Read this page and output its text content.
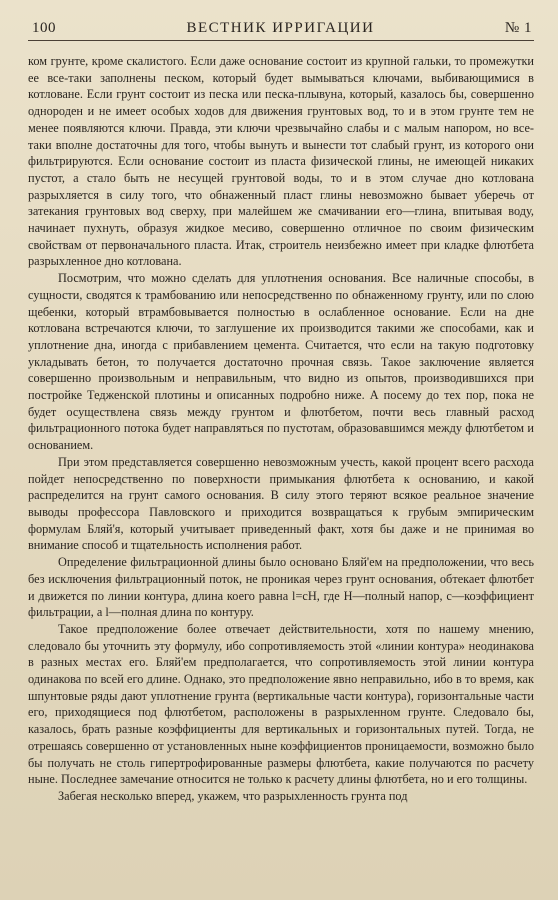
100	ВЕСТНИК ИРРИГАЦИИ	№ 1

ком грунте, кроме скалистого. Если даже основание состоит из крупной гальки, то промежутки ее все-таки заполнены песком, который будет вымываться ключами, выбивающимися в котловане. Если грунт состоит из песка или песка-плывуна, который, казалось бы, совершенно однороден и не имеет особых ходов для движения грунтовых вод, то и в этом грунте тем не менее появляются ключи. Правда, эти ключи чрезвычайно слабы и с малым напором, но все-таки вполне достаточны для того, чтобы вынуть и вынести тот слабый грунт, из которого они фильтрируются. Если основание состоит из пласта физической глины, не имеющей никаких пустот, а стало быть не несущей грунтовой воды, то и в этом случае дно котлована разрыхляется в силу того, что обнаженный пласт глины невозможно бывает уберечь от затекания грунтовых вод сверху, при малейшем же смачивании его—глина, впитывая воду, начинает пухнуть, образуя жидкое месиво, совершенно отличное по своим физическим свойствам от первоначального пласта. Итак, строитель неизбежно имеет при кладке флютбета разрыхленное дно котлована.

Посмотрим, что можно сделать для уплотнения основания. Все наличные способы, в сущности, сводятся к трамбованию или непосредственно по обнаженному грунту, или по слою щебенки, который втрамбовывается полностью в ослабленное основание. Если на дне котлована встречаются ключи, то заглушение их производится такими же способами, как и уплотнение дна, иногда с прибавлением цемента. Считается, что если на такую подготовку укладывать бетон, то получается достаточно прочная связь. Такое заключение является совершенно произвольным и неправильным, что видно из опытов, производившихся при постройке Тедженской плотины и описанных подробно ниже. А посему до тех пор, пока не будет осуществлена связь между грунтом и флютбетом, почти весь главный расход фильтрационного потока будет направляться по пустотам, образовавшимся между флютбетом и основанием.

При этом представляется совершенно невозможным учесть, какой процент всего расхода пойдет непосредственно по поверхности примыкания флютбета к основанию, и какой распределится на грунт самого основания. В силу этого теряют всякое реальное значение выводы профессора Павловского и приходится возвращаться к грубым эмпирическим формулам Бляй'я, который учитывает приведенный факт, хотя бы даже и не принимая во внимание способ и тщательность исполнения работ.

Определение фильтрационной длины было основано Бляй'ем на предположении, что весь без исключения фильтрационный поток, не проникая через грунт основания, обтекает флютбет и движется по линии контура, длина коего равна l=cH, где H—полный напор, c—коэффициент фильтрации, а l—полная длина по контуру.

Такое предположение более отвечает действительности, хотя по нашему мнению, следовало бы уточнить эту формулу, ибо сопротивляемость этой «линии контура» неодинакова в разных местах его. Бляй'ем предполагается, что сопротивляемость этой линии контура одинакова по всей его длине. Однако, это предположение явно неправильно, ибо в то время, как шпунтовые ряды дают уплотнение грунта (вертикальные части контура), горизонтальные части его, приходящиеся под флютбетом, расположены в разрыхленном грунте. Следовало бы, казалось, брать разные коэффициенты для вертикальных и горизонтальных путей. Тогда, не отрешаясь совершенно от установленных ныне коэффициентов проницаемости, возможно было бы получать не столь гипертрофированные размеры флютбета, какие получаются по расчету ныне. Последнее замечание относится не только к расчету длины флютбета, но и его толщины.

Забегая несколько вперед, укажем, что разрыхленность грунта под
